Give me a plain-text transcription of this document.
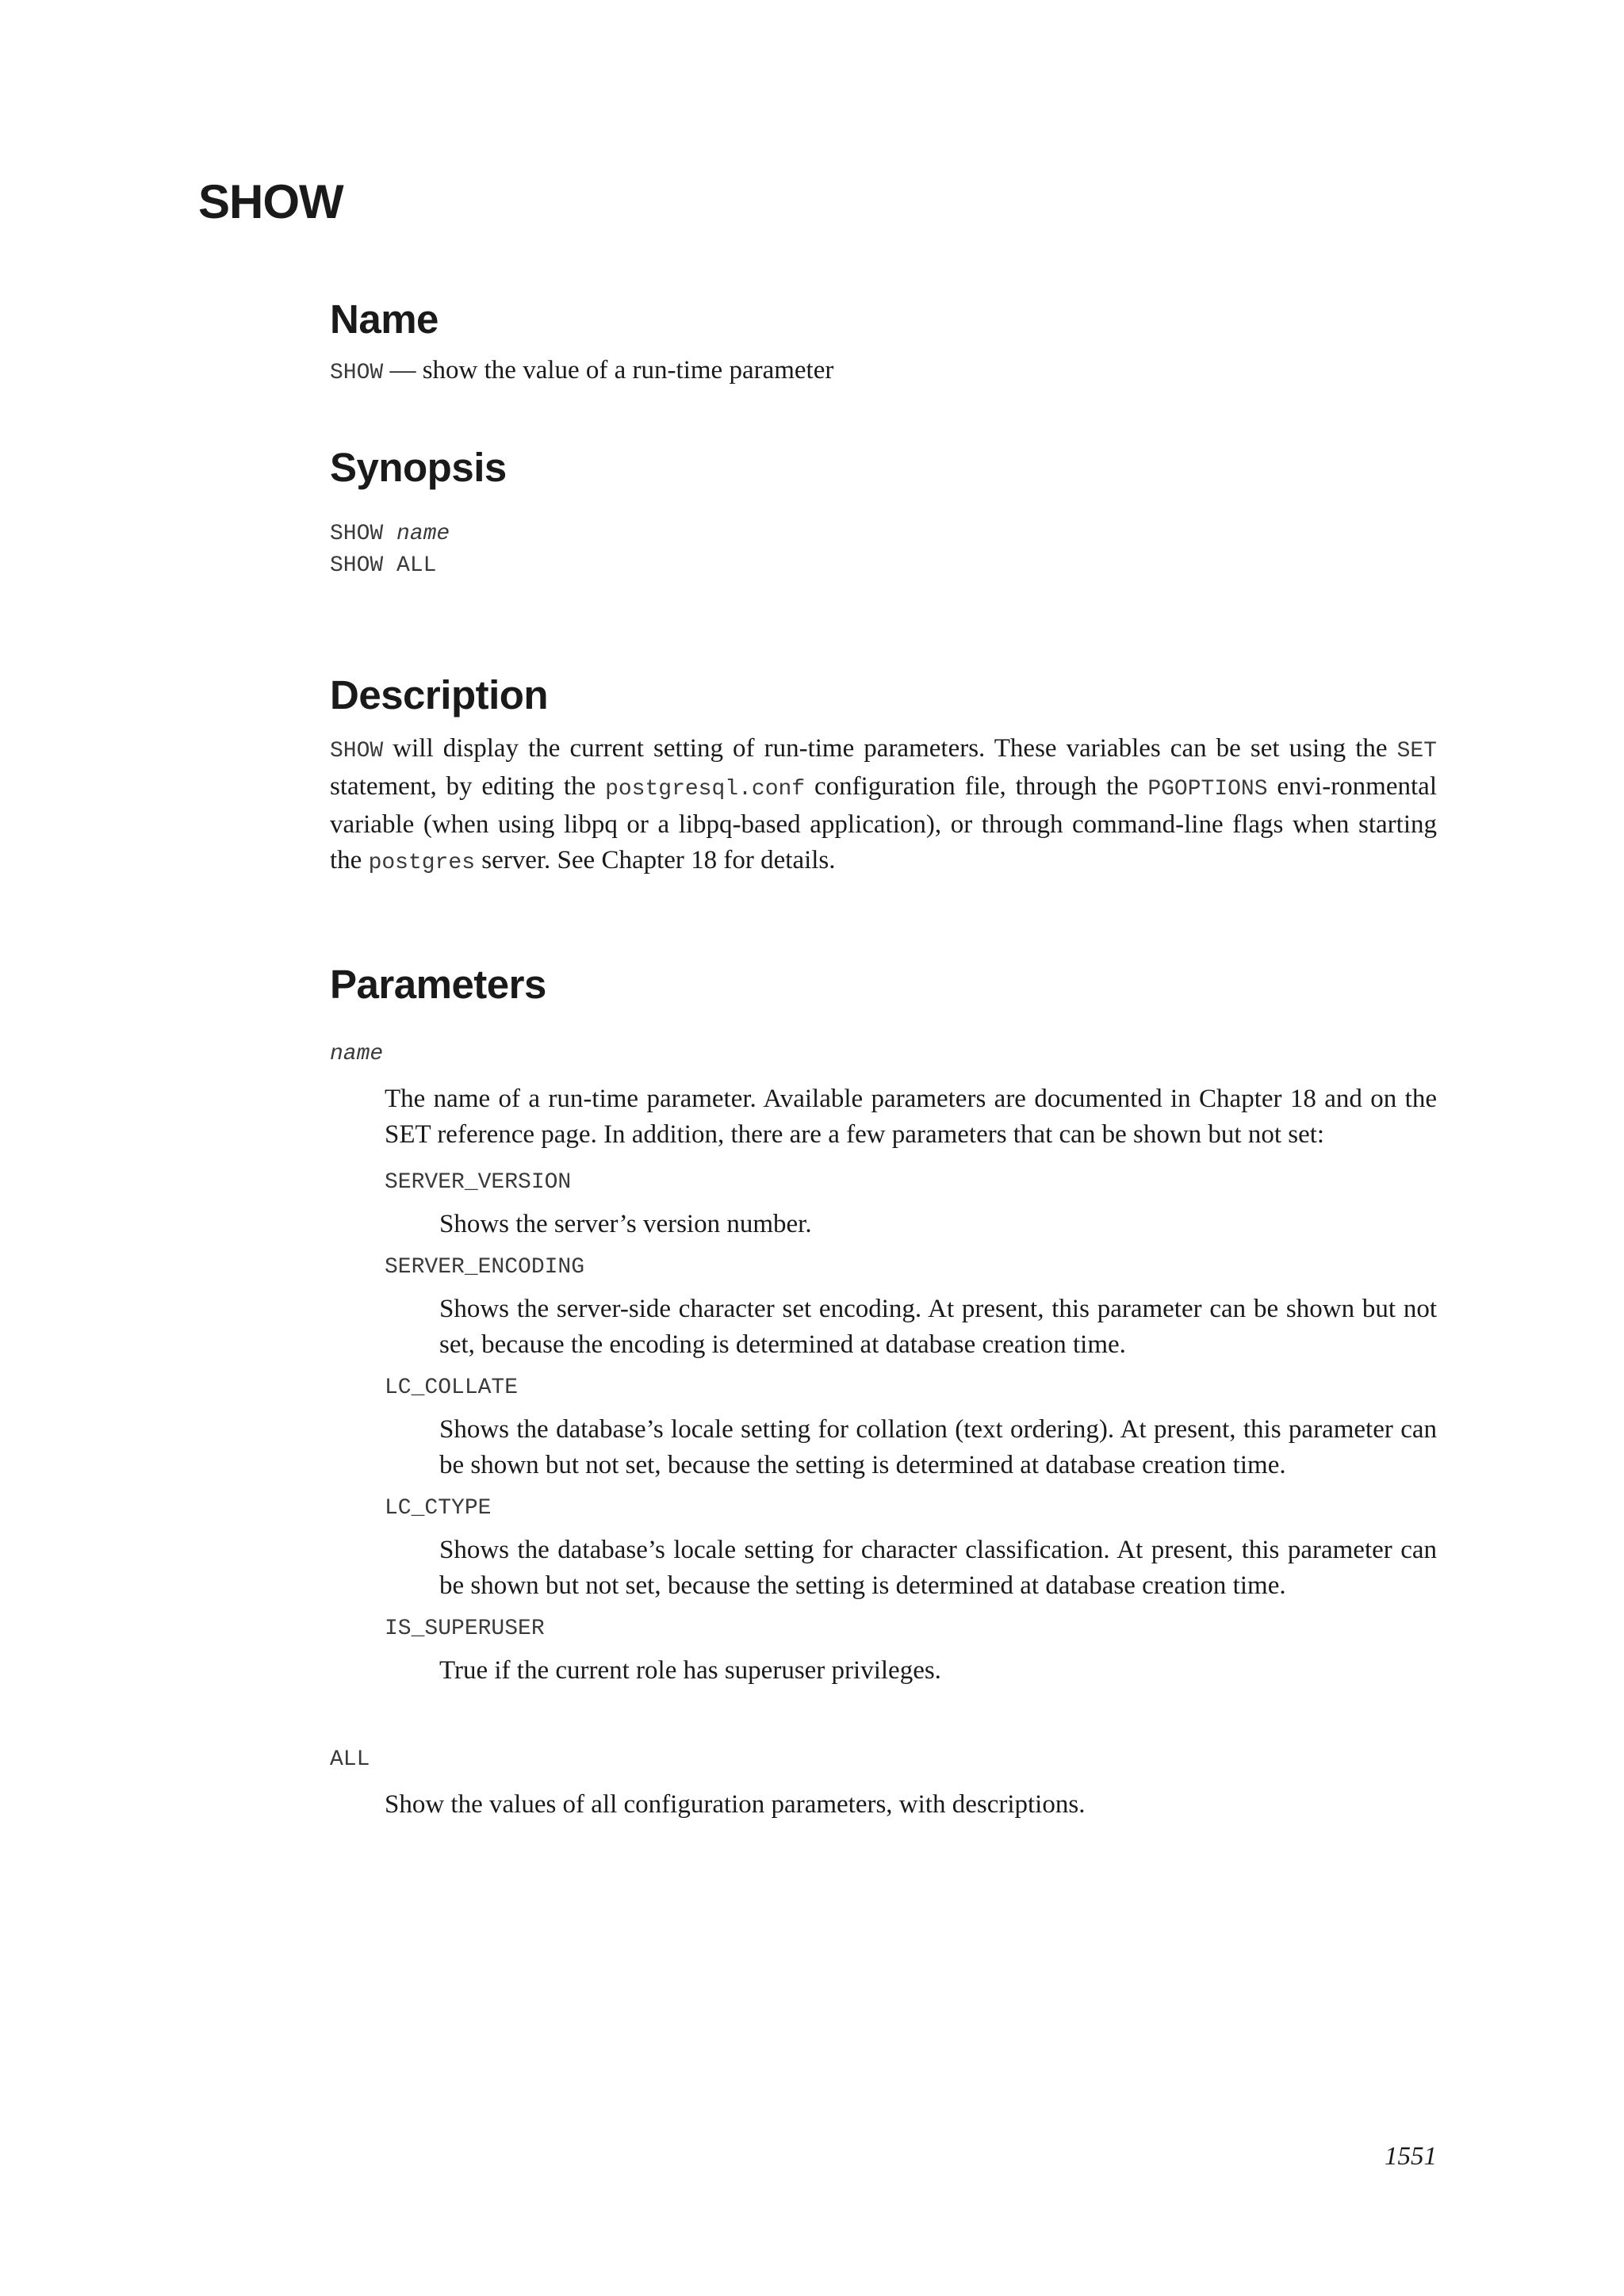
SHOW
Name

SHOW — show the value of a run-time parameter

Synopsis
SHOW name
SHOW ALL
Description

SHOW will display the current setting of run-time parameters. These variables can be set using the SET statement, by editing the postgresql.conf configuration file, through the PGOPTIONS envi-ronmental variable (when using libpq or a libpq-based application), or through command-line flags when starting the postgres server. See Chapter 18 for details.

Parameters
name

The name of a run-time parameter. Available parameters are documented in Chapter 18 and on the SET reference page. In addition, there are a few parameters that can be shown but not set:

SERVER_VERSION

Shows the server’s version number.

SERVER_ENCODING

Shows the server-side character set encoding. At present, this parameter can be shown but not set, because the encoding is determined at database creation time.

LC_COLLATE

Shows the database’s locale setting for collation (text ordering). At present, this parameter can be shown but not set, because the setting is determined at database creation time.

LC_CTYPE

Shows the database’s locale setting for character classification. At present, this parameter can be shown but not set, because the setting is determined at database creation time.

IS_SUPERUSER

True if the current role has superuser privileges.

ALL

Show the values of all configuration parameters, with descriptions.

1551
